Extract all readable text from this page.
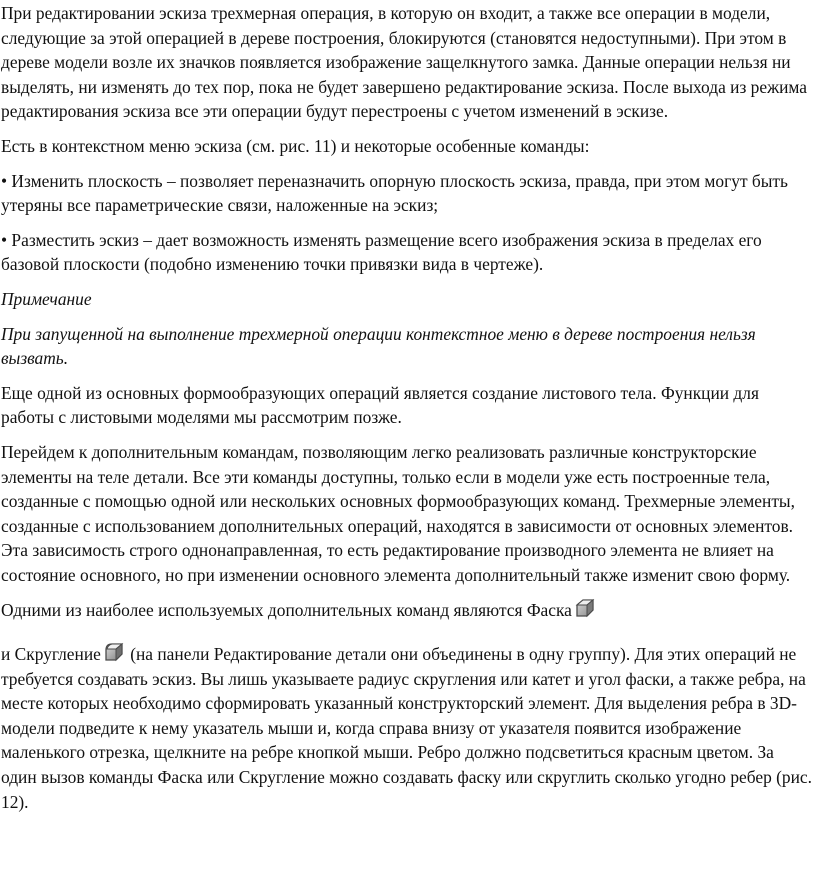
При редактировании эскиза трехмерная операция, в которую он входит, а также все операции в модели, следующие за этой операцией в дереве построения, блокируются (становятся недоступными). При этом в дереве модели возле их значков появляется изображение защелкнутого замка. Данные операции нельзя ни выделять, ни изменять до тех пор, пока не будет завершено редактирование эскиза. После выхода из режима редактирования эскиза все эти операции будут перестроены с учетом изменений в эскизе.

Есть в контекстном меню эскиза (см. рис. 11) и некоторые особенные команды:

• Изменить плоскость – позволяет переназначить опорную плоскость эскиза, правда, при этом могут быть утеряны все параметрические связи, наложенные на эскиз;

• Разместить эскиз – дает возможность изменять размещение всего изображения эскиза в пределах его базовой плоскости (подобно изменению точки привязки вида в чертеже).

Примечание

При запущенной на выполнение трехмерной операции контекстное меню в дереве построения нельзя вызвать.

Еще одной из основных формообразующих операций является создание листового тела. Функции для работы с листовыми моделями мы рассмотрим позже.

Перейдем к дополнительным командам, позволяющим легко реализовать различные конструкторские элементы на теле детали. Все эти команды доступны, только если в модели уже есть построенные тела, созданные с помощью одной или нескольких основных формообразующих команд. Трехмерные элементы, созданные с использованием дополнительных операций, находятся в зависимости от основных элементов. Эта зависимость строго однонаправленная, то есть редактирование производного элемента не влияет на состояние основного, но при изменении основного элемента дополнительный также изменит свою форму.

Одними из наиболее используемых дополнительных команд являются Фаска

и Скругление (на панели Редактирование детали они объединены в одну группу). Для этих операций не требуется создавать эскиз. Вы лишь указываете радиус скругления или катет и угол фаски, а также ребра, на месте которых необходимо сформировать указанный конструкторский элемент. Для выделения ребра в 3D-модели подведите к нему указатель мыши и, когда справа внизу от указателя появится изображение маленького отрезка, щелкните на ребре кнопкой мыши. Ребро должно подсветиться красным цветом. За один вызов команды Фаска или Скругление можно создавать фаску или скруглить сколько угодно ребер (рис. 12).
